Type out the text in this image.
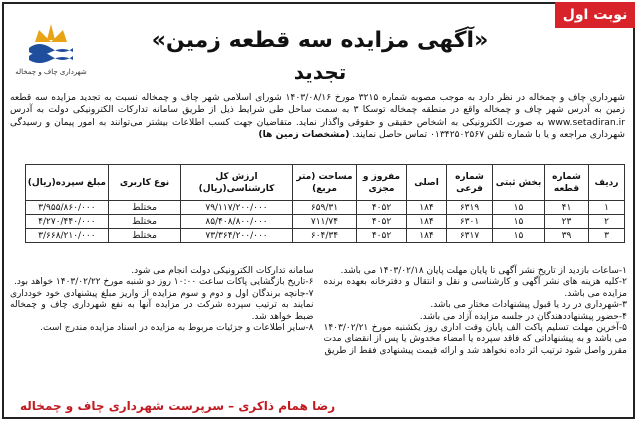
نوبت اول
شهرداری چاف و چمخاله
«آگهی مزایده سه قطعه زمین»
تجدید
شهرداری چاف و چمخاله در نظر دارد به موجب مصوبه شماره ۳۲۱۵ مورخ ۱۴۰۳/۰۸/۱۶ شورای اسلامی شهر چاف و چمخاله نسبت به تجدید مزایده سه قطعه زمین به آدرس شهر چاف و چمخاله واقع در منطقه چمخاله توسکا ۳ به سمت ساحل طی شرایط ذیل از طریق سامانه تدارکات الکترونیکی دولت به آدرس www.setadiran.ir به صورت الکترونیکی به اشخاص حقیقی و حقوقی واگذار نماید. متقاضیان جهت کسب اطلاعات بیشتر می‌توانند به امور پیمان و رسیدگی شهرداری مراجعه و یا با شماره تلفن ۰۱۳۴۲۵۰۲۵۶۷ تماس حاصل نمایند. (مشخصات زمین ها)
ردیف	شماره قطعه	بخش ثبتی	شماره فرعی	اصلی	مفروز و مجزی	مساحت (متر مربع)	ارزش کل کارشناسی(ریال)	نوع کاربری	مبلغ سپرده(ریال)
۱	۴۱	۱۵	۶۳۱۹	۱۸۴	۴۰۵۲	۶۵۹/۳۱	۷۹/۱۱۷/۲۰۰/۰۰۰	مختلط	۳/۹۵۵/۸۶۰/۰۰۰
۲	۲۳	۱۵	۶۳۰۱	۱۸۴	۴۰۵۲	۷۱۱/۷۴	۸۵/۴۰۸/۸۰۰/۰۰۰	مختلط	۴/۲۷۰/۴۴۰/۰۰۰
۳	۳۹	۱۵	۶۳۱۷	۱۸۴	۴۰۵۲	۶۰۴/۳۴	۷۳/۳۶۴/۲۰۰/۰۰۰	مختلط	۳/۶۶۸/۲۱۰/۰۰۰

۱-ساعات بازدید از تاریخ نشر آگهی تا پایان مهلت پایان ۱۴۰۳/۰۲/۱۸ می باشد.

۲-کلیه هزینه های نشر آگهی و کارشناسی و نقل و انتقال و دفترخانه بعهده برنده مزایده می باشد.

۳-شهرداری در رد یا قبول پیشنهادات مختار می باشد.

۴-حضور پیشنهاددهندگان در جلسه مزایده آزاد می باشد.

۵-آخرین مهلت تسلیم پاکت الف پایان وقت اداری روز یکشنبه مورخ ۱۴۰۳/۰۲/۲۱ می باشد و به پیشنهاداتی که فاقد سپرده یا امضاء مخدوش یا پس از انقضای مدت مقرر واصل شود ترتیب اثر داده نخواهد شد و ارائه قیمت پیشنهادی فقط از طریق

سامانه تدارکات الکترونیکی دولت انجام می شود.

۶-تاریخ بازگشایی پاکات ساعت ۱۰:۰۰ روز دو شنبه مورخ ۱۴۰۳/۰۲/۲۲ خواهد بود.

۷-جانچه برندگان اول و دوم و سوم مزایده از واریز مبلغ پیشنهادی خود خودداری نمایند به ترتیب سپرده شرکت در مزایده آنها به نفع شهرداری چاف و چمخاله ضبط خواهد شد.

۸-سایر اطلاعات و جزئیات مربوط به مزایده در اسناد مزایده مندرج است.

رضا همام ذاکری – سرپرست شهرداری چاف و چمخاله
